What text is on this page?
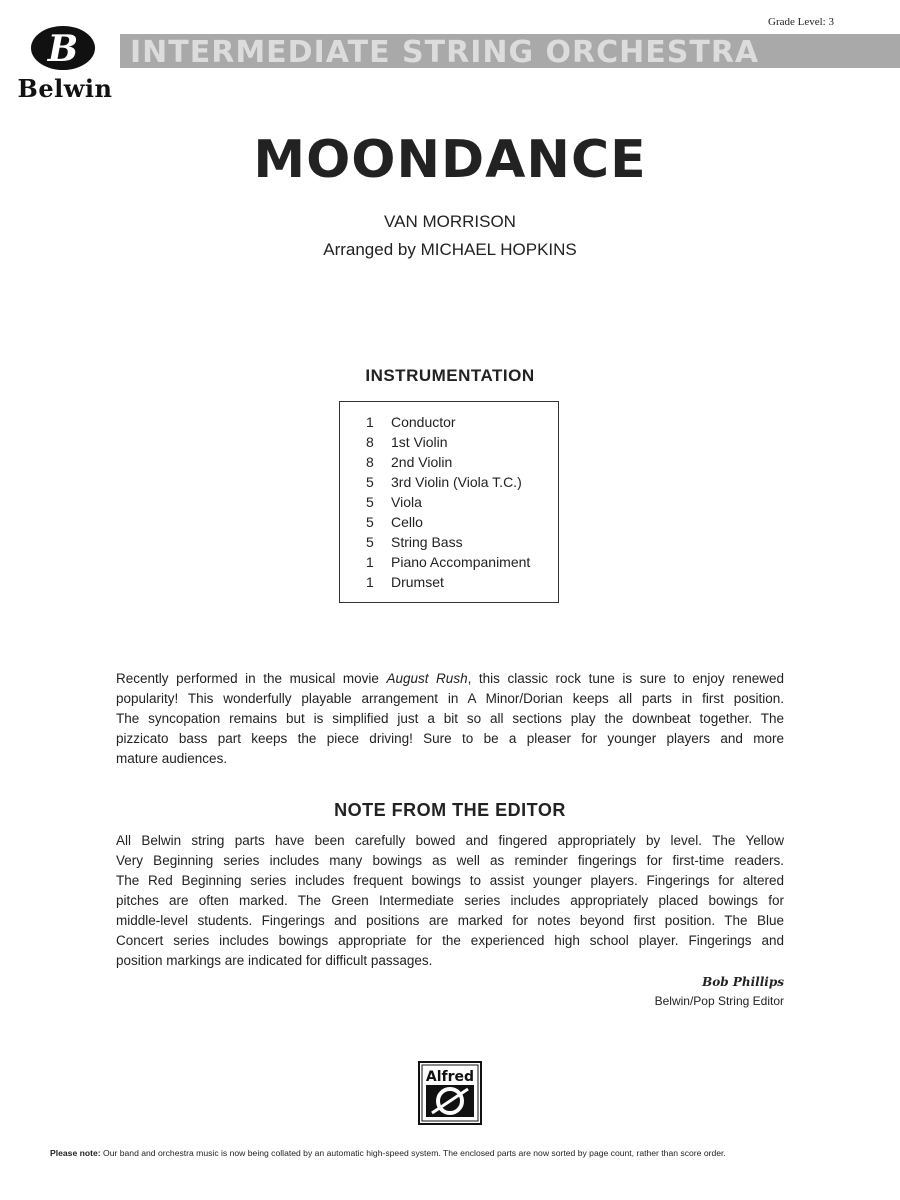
Grade Level: 3
B
Belwin
INTERMEDIATE STRING ORCHESTRA
MOONDANCE
VAN MORRISON
Arranged by MICHAEL HOPKINS
INSTRUMENTATION
1 Conductor
8 1st Violin
8 2nd Violin
5 3rd Violin (Viola T.C.)
5 Viola
5 Cello
5 String Bass
1 Piano Accompaniment
1 Drumset
Recently performed in the musical movie August Rush, this classic rock tune is sure to enjoy renewed
popularity! This wonderfully playable arrangement in A Minor/Dorian keeps all parts in first position.
The syncopation remains but is simplified just a bit so all sections play the downbeat together. The
pizzicato bass part keeps the piece driving! Sure to be a pleaser for younger players and more
mature audiences.
NOTE FROM THE EDITOR
All Belwin string parts have been carefully bowed and fingered appropriately by level. The Yellow
Very Beginning series includes many bowings as well as reminder fingerings for first-time readers.
The Red Beginning series includes frequent bowings to assist younger players. Fingerings for altered
pitches are often marked. The Green Intermediate series includes appropriately placed bowings for
middle-level students. Fingerings and positions are marked for notes beyond first position. The Blue
Concert series includes bowings appropriate for the experienced high school player. Fingerings and
position markings are indicated for difficult passages.
Bob Phillips
Belwin/Pop String Editor
Alfred
Please note: Our band and orchestra music is now being collated by an automatic high-speed system. The enclosed parts are now sorted by page count, rather than score order.
